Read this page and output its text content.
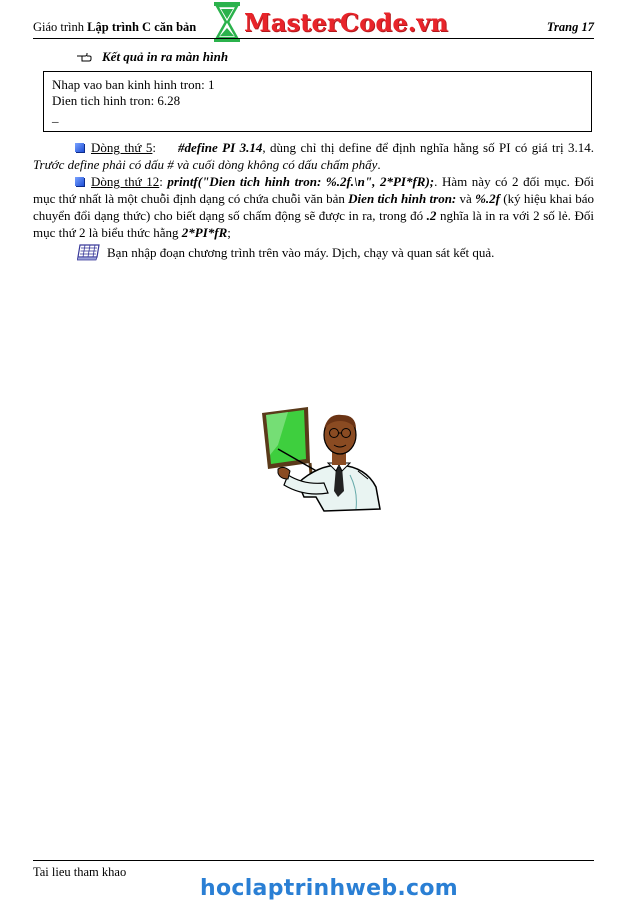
Giáo trình Lập trình C căn bản MasterCode.vn	Trang 17
Kết quả in ra màn hình
Nhap vao ban kinh hinh tron: 1
Dien tich hinh tron: 6.28
_
Dòng thứ 5: #define PI 3.14, dùng chỉ thị define để định nghĩa hằng số PI có giá trị 3.14. Trước define phải có dấu # và cuối dòng không có dấu chấm phẩy.
Dòng thứ 12: printf("Dien tich hinh tron: %.2f.\n", 2*PI*fR);. Hàm này có 2 đối mục. Đối mục thứ nhất là một chuỗi định dạng có chứa chuỗi văn bản Dien tich hinh tron: và %.2f (ký hiệu khai báo chuyển đổi dạng thức) cho biết dạng số chấm động sẽ được in ra, trong đó .2 nghĩa là in ra với 2 số lẻ. Đối mục thứ 2 là biểu thức hằng 2*PI*fR;
Bạn nhập đoạn chương trình trên vào máy. Dịch, chạy và quan sát kết quả.
Tai lieu tham khao
hoclaptrinhweb.com
